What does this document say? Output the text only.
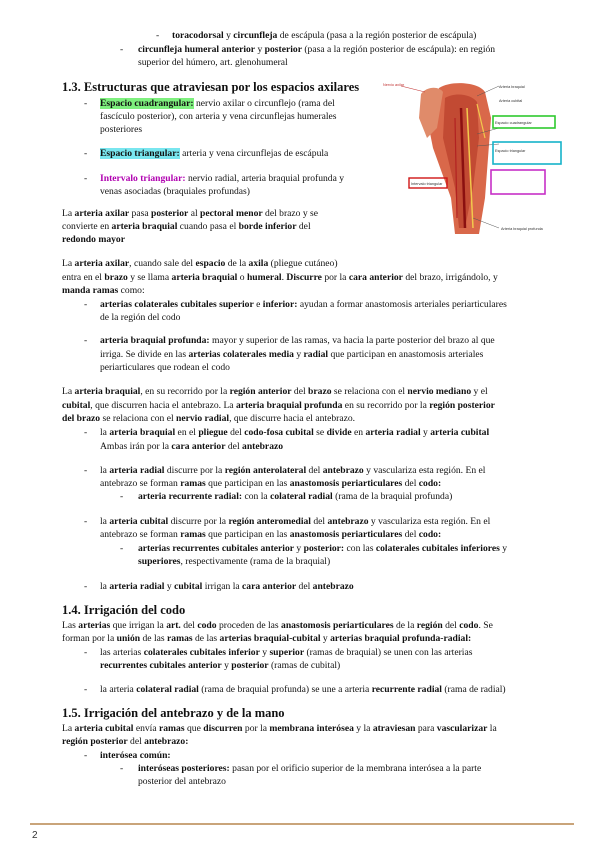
- toracodorsal y circunfleja de escápula (pasa a la región posterior de escápula)
- circunfleja humeral anterior y posterior (pasa a la región posterior de escápula): en región
superior del húmero, art. glenohumeral
1.3. Estructuras que atraviesan por los espacios axilares
- Espacio cuadrangular: nervio axilar o circunflejo (rama del
fascículo posterior), con arteria y vena circunflejas humerales
posteriores
- Espacio triangular: arteria y vena circunflejas de escápula
- Intervalo triangular: nervio radial, arteria braquial profunda y
venas asociadas (braquiales profundas)
Nervio axilar	Arteria braquial
Arteria cubital
Espacio cuadrangular
Espacio triangular
Intervalo triangular
Arteria braquial profunda
La arteria axilar pasa posterior al pectoral menor del brazo y se
convierte en arteria braquial cuando pasa el borde inferior del
redondo mayor
La arteria axilar, cuando sale del espacio de la axila (pliegue cutáneo)
entra en el brazo y se llama arteria braquial o humeral. Discurre por la cara anterior del brazo, irrigándolo, y
manda ramas como:
- arterias colaterales cubitales superior e inferior: ayudan a formar anastomosis arteriales periarticulares
de la región del codo
- arteria braquial profunda: mayor y superior de las ramas, va hacia la parte posterior del brazo al que
irriga. Se divide en las arterias colaterales media y radial que participan en anastomosis arteriales
periarticulares que rodean el codo
La arteria braquial, en su recorrido por la región anterior del brazo se relaciona con el nervio mediano y el
cubital, que discurren hacia el antebrazo. La arteria braquial profunda en su recorrido por la región posterior
del brazo se relaciona con el nervio radial, que discurre hacia el antebrazo.
- la arteria braquial en el pliegue del codo-fosa cubital se divide en arteria radial y arteria cubital
Ambas irán por la cara anterior del antebrazo
- la arteria radial discurre por la región anterolateral del antebrazo y vasculariza esta región. En el
antebrazo se forman ramas que participan en las anastomosis periarticulares del codo:
- arteria recurrente radial: con la colateral radial (rama de la braquial profunda)
- la arteria cubital discurre por la región anteromedial del antebrazo y vasculariza esta región. En el
antebrazo se forman ramas que participan en las anastomosis periarticulares del codo:
- arterias recurrentes cubitales anterior y posterior: con las colaterales cubitales inferiores y
superiores, respectivamente (rama de la braquial)
- la arteria radial y cubital irrigan la cara anterior del antebrazo
1.4. Irrigación del codo
Las arterias que irrigan la art. del codo proceden de las anastomosis periarticulares de la región del codo. Se
forman por la unión de las ramas de las arterias braquial-cubital y arterias braquial profunda-radial:
- las arterias colaterales cubitales inferior y superior (ramas de braquial) se unen con las arterias
recurrentes cubitales anterior y posterior (ramas de cubital)
- la arteria colateral radial (rama de braquial profunda) se une a arteria recurrente radial (rama de radial)
1.5. Irrigación del antebrazo y de la mano
La arteria cubital envía ramas que discurren por la membrana interósea y la atraviesan para vascularizar la
región posterior del antebrazo:
- interósea común:
- interóseas posteriores: pasan por el orificio superior de la membrana interósea a la parte
posterior del antebrazo
2
